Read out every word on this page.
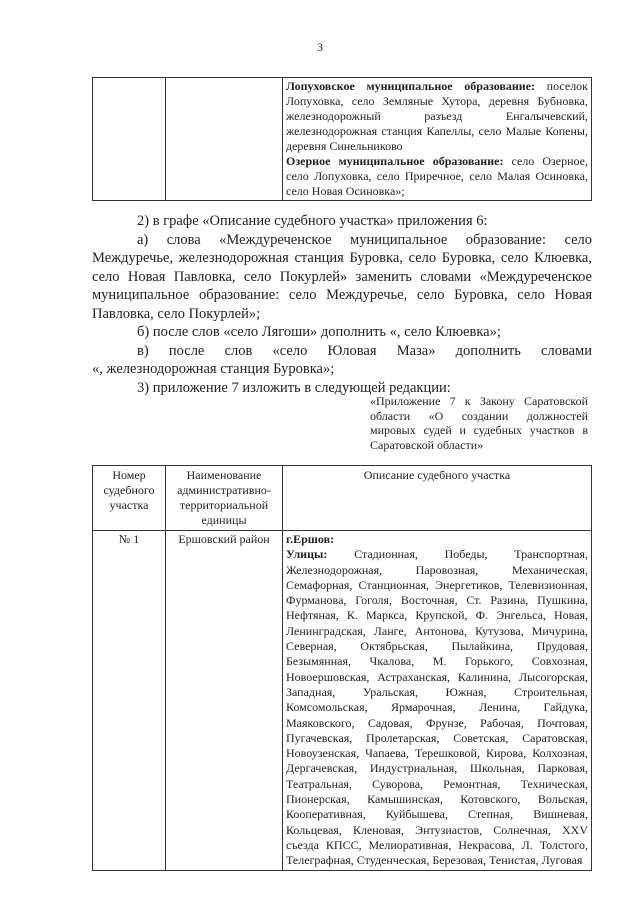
3
		Лопуховское муниципальное образование: поселок Лопуховка, село Земляные Хутора, деревня Бубновка, железнодорожный разъезд Енгалычевский, железнодорожная станция Капеллы, село Малые Копены, деревня Синельниково
Озерное муниципальное образование: село Озерное, село Лопуховка, село Приречное, село Малая Осиновка, село Новая Осиновка»;

2) в графе «Описание судебного участка» приложения 6:

а) слова «Междуреченское муниципальное образование: село Междуречье, железнодорожная станция Буровка, село Буровка, село Клюевка, село Новая Павловка, село Покурлей» заменить словами «Междуреченское муниципальное образование: село Междуречье, село Буровка, село Новая Павловка, село Покурлей»;

б) после слов «село Лягоши» дополнить «, село Клюевка»;

в) после слов «село Юловая Маза» дополнить словами

«, железнодорожная станция Буровка»;

3) приложение 7 изложить в следующей редакции:

«Приложение 7 к Закону Саратовской области «О создании должностей мировых судей и судебных участков в Саратовской области»
Номер судебного участка	Наименование административно-территориальной единицы	Описание судебного участка
№ 1	Ершовский район	г.Ершов:
Улицы: Стадионная, Победы, Транспортная, Железнодорожная, Паровозная, Механическая, Семафорная, Станционная, Энергетиков, Телевизионная, Фурманова, Гоголя, Восточная, Ст. Разина, Пушкина, Нефтяная, К. Маркса, Крупской, Ф. Энгельса, Новая, Ленинградская, Ланге, Антонова, Кутузова, Мичурина, Северная, Октябрьская, Пылайкина, Прудовая, Безымянная, Чкалова, М. Горького, Совхозная, Новоершовская, Астраханская, Калинина, Лысогорская, Западная, Уральская, Южная, Строительная, Комсомольская, Ярмарочная, Ленина, Гайдука, Маяковского, Садовая, Фрунзе, Рабочая, Почтовая, Пугачевская, Пролетарская, Советская, Саратовская, Новоузенская, Чапаева, Терешковой, Кирова, Колхозная, Дергачевская, Индустриальная, Школьная, Парковая, Театральная, Суворова, Ремонтная, Техническая, Пионерская, Камышинская, Котовского, Вольская, Кооперативная, Куйбышева, Степная, Вишневая, Кольцевая, Кленовая, Энтузиастов, Солнечная, XXV съезда КПСС, Мелиоративная, Некрасова, Л. Толстого, Телеграфная, Студенческая, Березовая, Тенистая, Луговая
